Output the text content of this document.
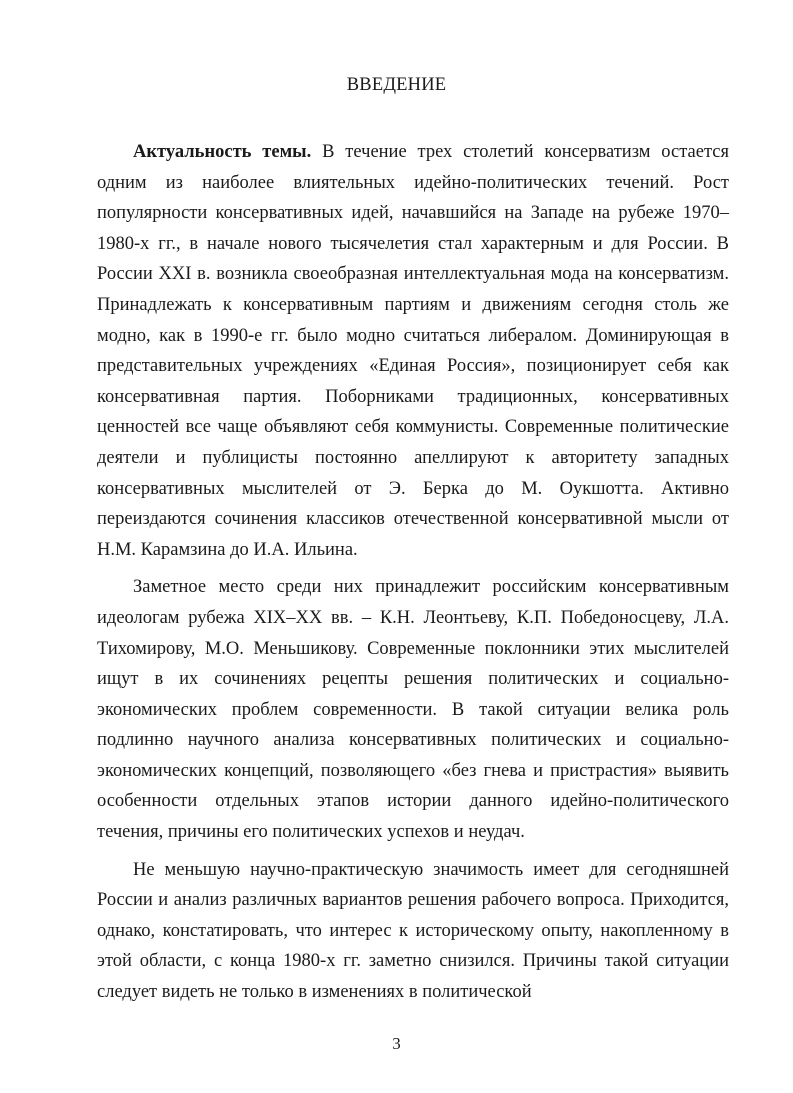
ВВЕДЕНИЕ

Актуальность темы. В течение трех столетий консерватизм остается одним из наиболее влиятельных идейно-политических течений. Рост популярности консервативных идей, начавшийся на Западе на рубеже 1970–1980-х гг., в начале нового тысячелетия стал характерным и для России. В России XXI в. возникла своеобразная интеллектуальная мода на консерватизм. Принадлежать к консервативным партиям и движениям сегодня столь же модно, как в 1990-е гг. было модно считаться либералом. Доминирующая в представительных учреждениях «Единая Россия», позиционирует себя как консервативная партия. Поборниками традиционных, консервативных ценностей все чаще объявляют себя коммунисты. Современные политические деятели и публицисты постоянно апеллируют к авторитету западных консервативных мыслителей от Э. Берка до М. Оукшотта. Активно переиздаются сочинения классиков отечественной консервативной мысли от Н.М. Карамзина до И.А. Ильина.

Заметное место среди них принадлежит российским консервативным идеологам рубежа XIX–XX вв. – К.Н. Леонтьеву, К.П. Победоносцеву, Л.А. Тихомирову, М.О. Меньшикову. Современные поклонники этих мыслителей ищут в их сочинениях рецепты решения политических и социально-экономических проблем современности. В такой ситуации велика роль подлинно научного анализа консервативных политических и социально-экономических концепций, позволяющего «без гнева и пристрастия» выявить особенности отдельных этапов истории данного идейно-политического течения, причины его политических успехов и неудач.

Не меньшую научно-практическую значимость имеет для сегодняшней России и анализ различных вариантов решения рабочего вопроса. Приходится, однако, констатировать, что интерес к историческому опыту, накопленному в этой области, с конца 1980-х гг. заметно снизился. Причины такой ситуации следует видеть не только в изменениях в политической

3
